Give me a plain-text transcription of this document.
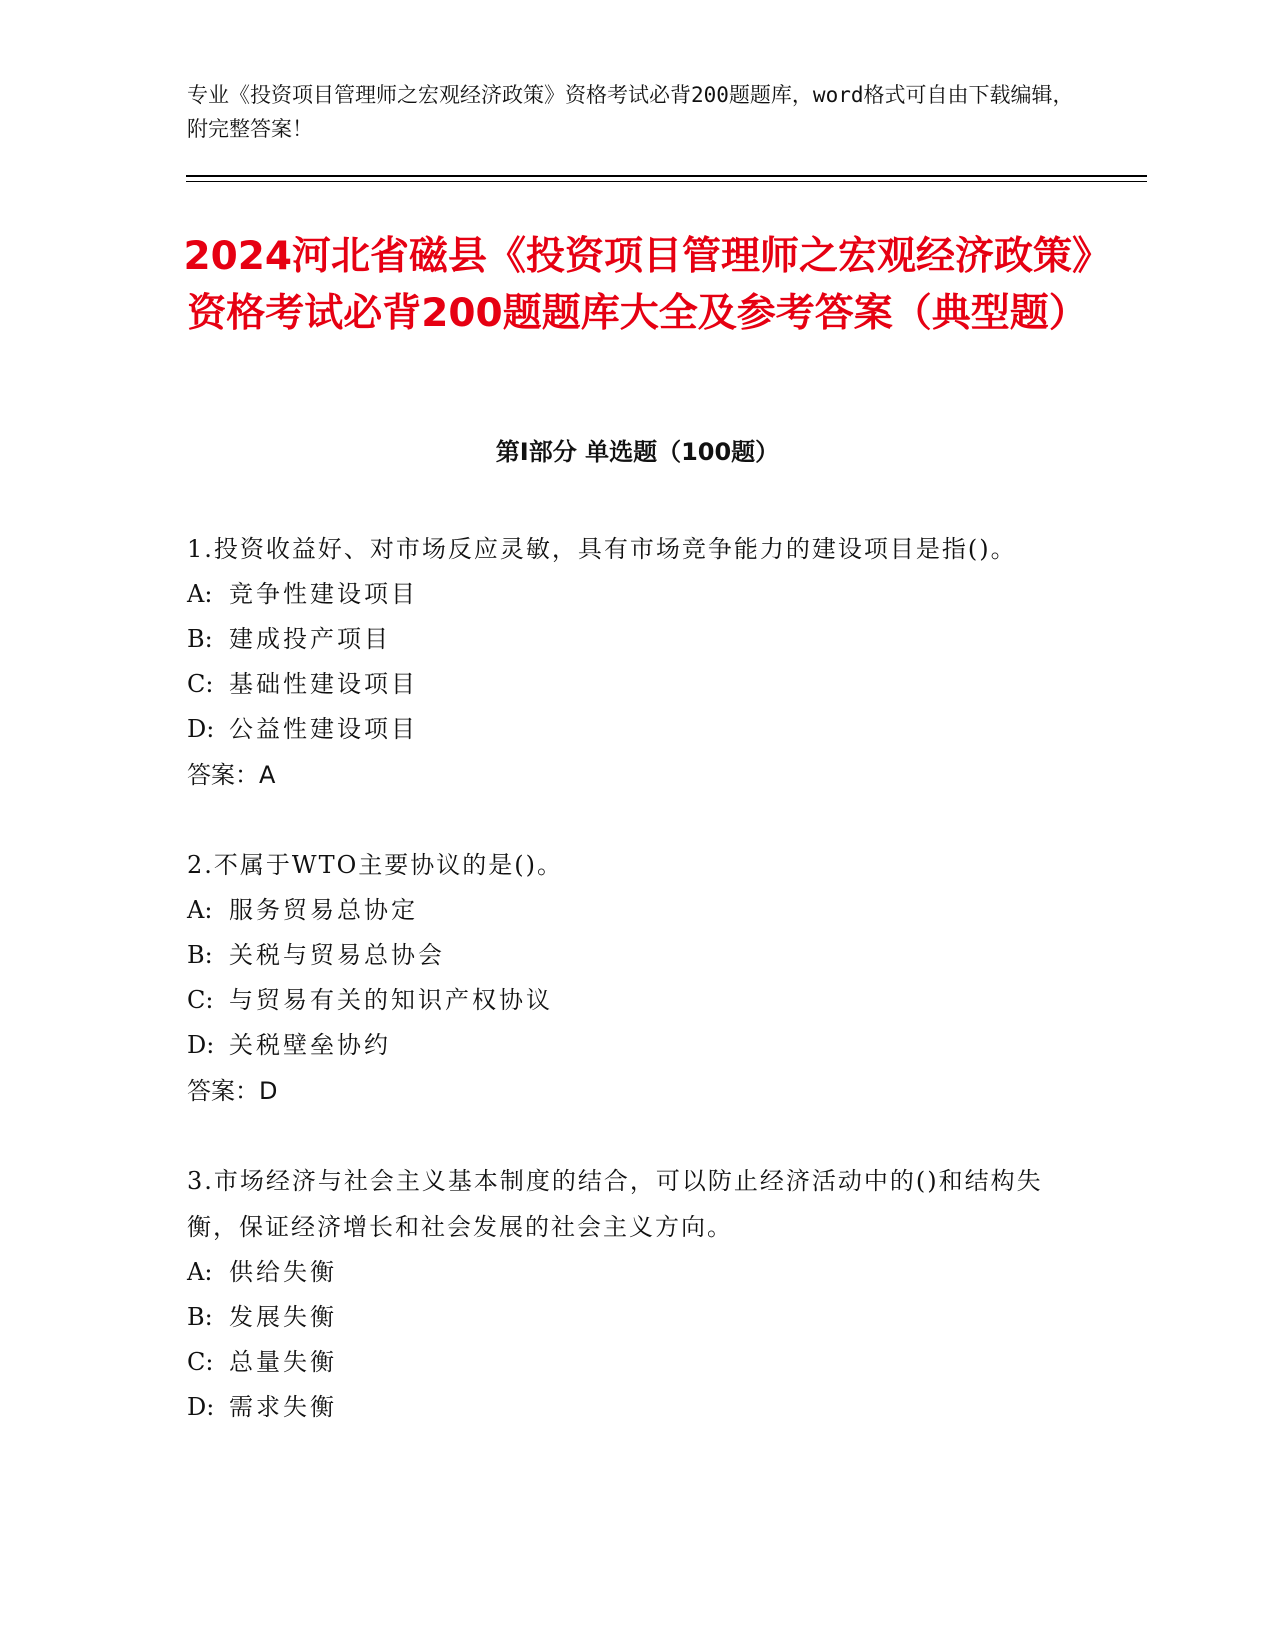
专业《投资项目管理师之宏观经济政策》资格考试必背200题题库，word格式可自由下载编辑，附完整答案！
2024河北省磁县《投资项目管理师之宏观经济政策》资格考试必背200题题库大全及参考答案（典型题）
第Ⅰ部分 单选题（100题）
1.投资收益好、对市场反应灵敏，具有市场竞争能力的建设项目是指()。
A: 竞争性建设项目
B: 建成投产项目
C: 基础性建设项目
D: 公益性建设项目
答案：A
2.不属于WTO主要协议的是()。
A: 服务贸易总协定
B: 关税与贸易总协会
C: 与贸易有关的知识产权协议
D: 关税壁垒协约
答案：D
3.市场经济与社会主义基本制度的结合，可以防止经济活动中的()和结构失衡，保证经济增长和社会发展的社会主义方向。
A: 供给失衡
B: 发展失衡
C: 总量失衡
D: 需求失衡
